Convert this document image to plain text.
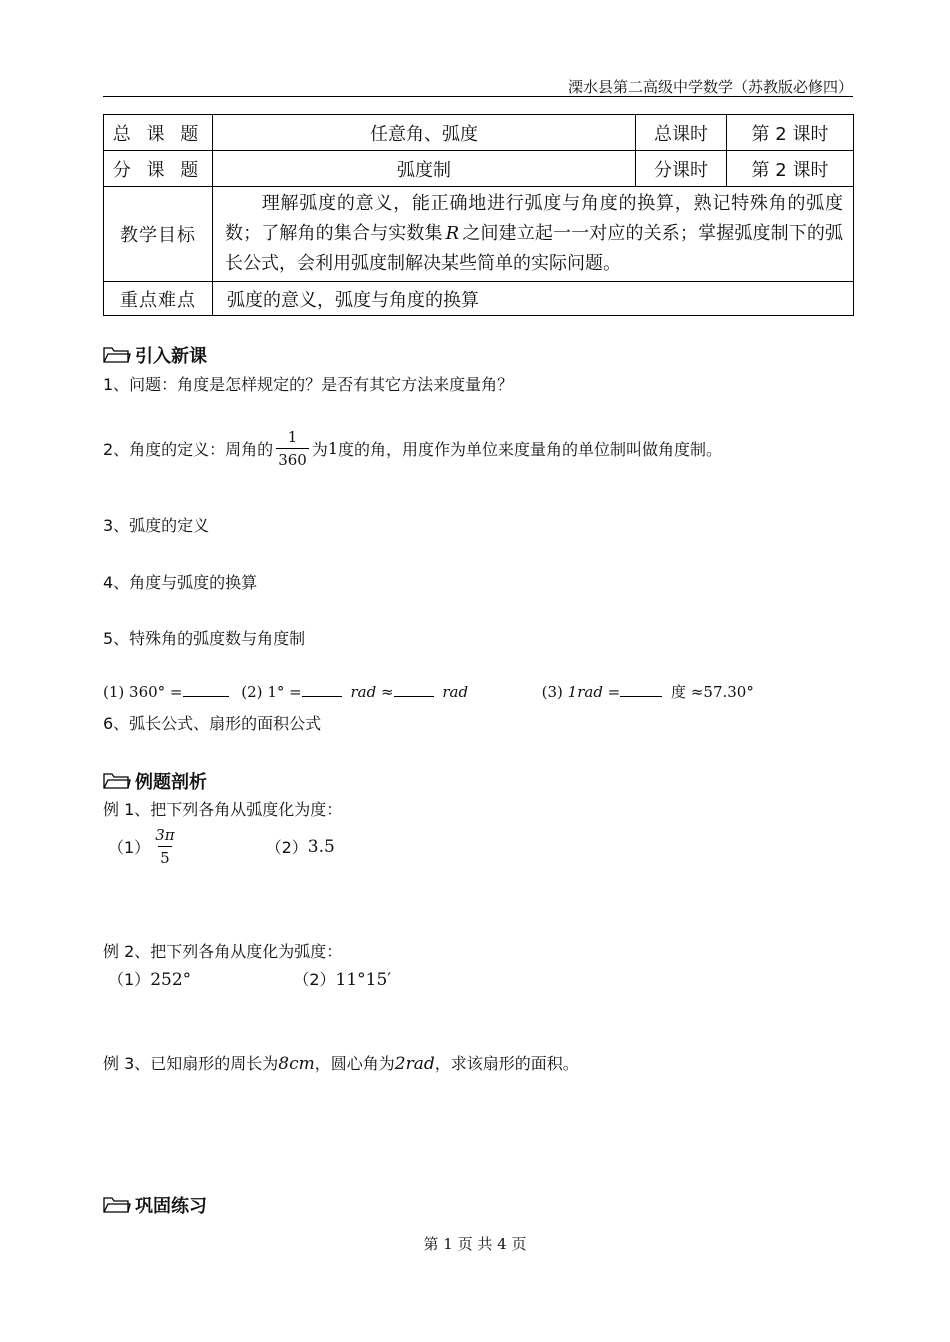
溧水县第二高级中学数学（苏教版必修四）
总 课 题	任意角、弧度	总课时	第 2 课时
分 课 题	弧度制	分课时	第 2 课时
教学目标	理解弧度的意义，能正确地进行弧度与角度的换算，熟记特殊角的弧度数；了解角的集合与实数集 R 之间建立起一一对应的关系；掌握弧度制下的弧长公式，会利用弧度制解决某些简单的实际问题。		
重点难点	弧度的意义，弧度与角度的换算		
引入新课
1、问题：角度是怎样规定的？是否有其它方法来度量角？
2、角度的定义：周角的 $\frac{1}{360}$ 为 1 度的角，用度作为单位来度量角的单位制叫做角度制。
3、弧度的定义
4、角度与弧度的换算
5、特殊角的弧度数与角度制
(1) 360° =	(2) 1° =	rad ≈	rad	(3) 1rad =	度 ≈57.30°
6、弧长公式、扇形的面积公式
例题剖析
例 1、把下列各角从弧度化为度：
$(1) \frac{3\pi}{5}$	（2） 3.5
例 2、把下列各角从度化为弧度：
（1）252°	（2）11°15′
例 3、已知扇形的周长为8cm，圆心角为2rad，求该扇形的面积。
巩固练习
第 1 页 共 4 页
